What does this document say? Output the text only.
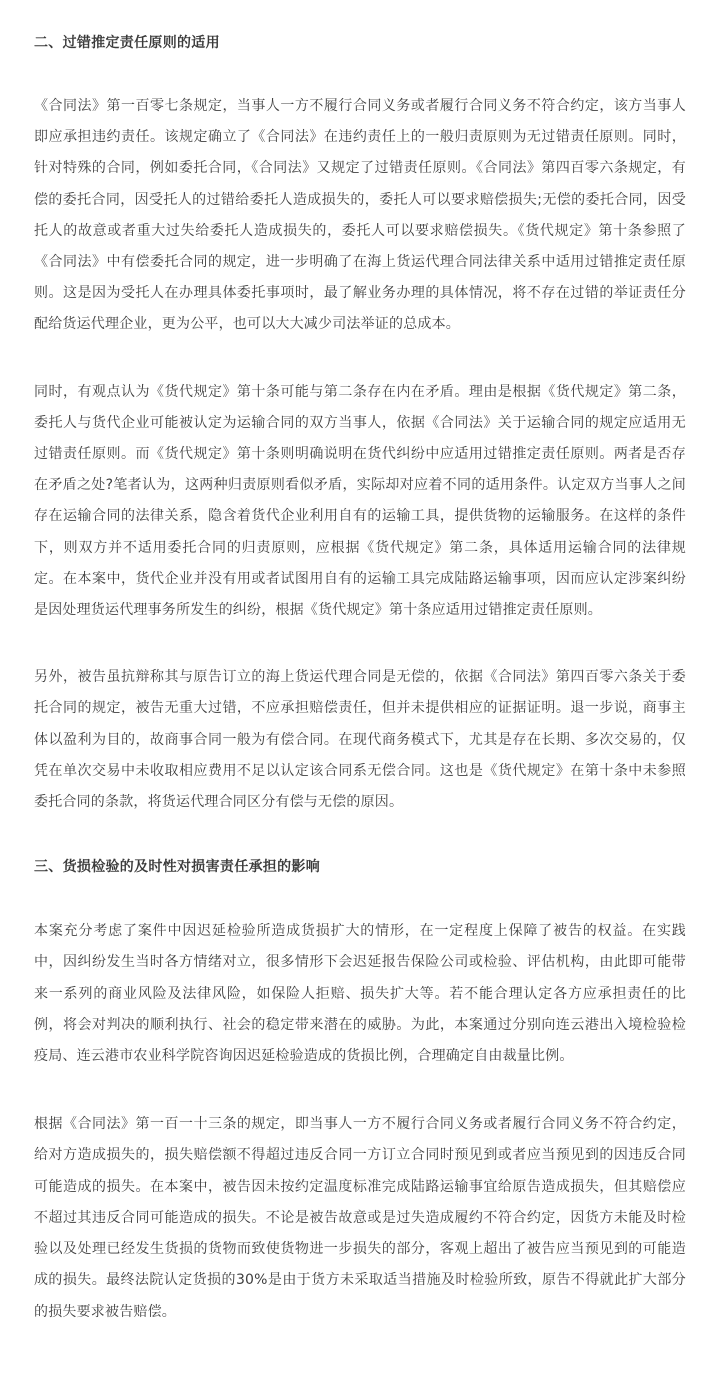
二、过错推定责任原则的适用

《合同法》第一百零七条规定，当事人一方不履行合同义务或者履行合同义务不符合约定，该方当事人即应承担违约责任。该规定确立了《合同法》在违约责任上的一般归责原则为无过错责任原则。同时，针对特殊的合同，例如委托合同，《合同法》又规定了过错责任原则。《合同法》第四百零六条规定，有偿的委托合同，因受托人的过错给委托人造成损失的，委托人可以要求赔偿损失;无偿的委托合同，因受托人的故意或者重大过失给委托人造成损失的，委托人可以要求赔偿损失。《货代规定》第十条参照了《合同法》中有偿委托合同的规定，进一步明确了在海上货运代理合同法律关系中适用过错推定责任原则。这是因为受托人在办理具体委托事项时，最了解业务办理的具体情况，将不存在过错的举证责任分配给货运代理企业，更为公平，也可以大大减少司法举证的总成本。

同时，有观点认为《货代规定》第十条可能与第二条存在内在矛盾。理由是根据《货代规定》第二条，委托人与货代企业可能被认定为运输合同的双方当事人，依据《合同法》关于运输合同的规定应适用无过错责任原则。而《货代规定》第十条则明确说明在货代纠纷中应适用过错推定责任原则。两者是否存在矛盾之处?笔者认为，这两种归责原则看似矛盾，实际却对应着不同的适用条件。认定双方当事人之间存在运输合同的法律关系，隐含着货代企业利用自有的运输工具，提供货物的运输服务。在这样的条件下，则双方并不适用委托合同的归责原则，应根据《货代规定》第二条，具体适用运输合同的法律规定。在本案中，货代企业并没有用或者试图用自有的运输工具完成陆路运输事项，因而应认定涉案纠纷是因处理货运代理事务所发生的纠纷，根据《货代规定》第十条应适用过错推定责任原则。

另外，被告虽抗辩称其与原告订立的海上货运代理合同是无偿的，依据《合同法》第四百零六条关于委托合同的规定，被告无重大过错，不应承担赔偿责任，但并未提供相应的证据证明。退一步说，商事主体以盈利为目的，故商事合同一般为有偿合同。在现代商务模式下，尤其是存在长期、多次交易的，仅凭在单次交易中未收取相应费用不足以认定该合同系无偿合同。这也是《货代规定》在第十条中未参照委托合同的条款，将货运代理合同区分有偿与无偿的原因。

三、货损检验的及时性对损害责任承担的影响

本案充分考虑了案件中因迟延检验所造成货损扩大的情形，在一定程度上保障了被告的权益。在实践中，因纠纷发生当时各方情绪对立，很多情形下会迟延报告保险公司或检验、评估机构，由此即可能带来一系列的商业风险及法律风险，如保险人拒赔、损失扩大等。若不能合理认定各方应承担责任的比例，将会对判决的顺利执行、社会的稳定带来潜在的威胁。为此，本案通过分别向连云港出入境检验检疫局、连云港市农业科学院咨询因迟延检验造成的货损比例，合理确定自由裁量比例。

根据《合同法》第一百一十三条的规定，即当事人一方不履行合同义务或者履行合同义务不符合约定，给对方造成损失的，损失赔偿额不得超过违反合同一方订立合同时预见到或者应当预见到的因违反合同可能造成的损失。在本案中，被告因未按约定温度标准完成陆路运输事宜给原告造成损失，但其赔偿应不超过其违反合同可能造成的损失。不论是被告故意或是过失造成履约不符合约定，因货方未能及时检验以及处理已经发生货损的货物而致使货物进一步损失的部分，客观上超出了被告应当预见到的可能造成的损失。最终法院认定货损的30%是由于货方未采取适当措施及时检验所致，原告不得就此扩大部分的损失要求被告赔偿。
